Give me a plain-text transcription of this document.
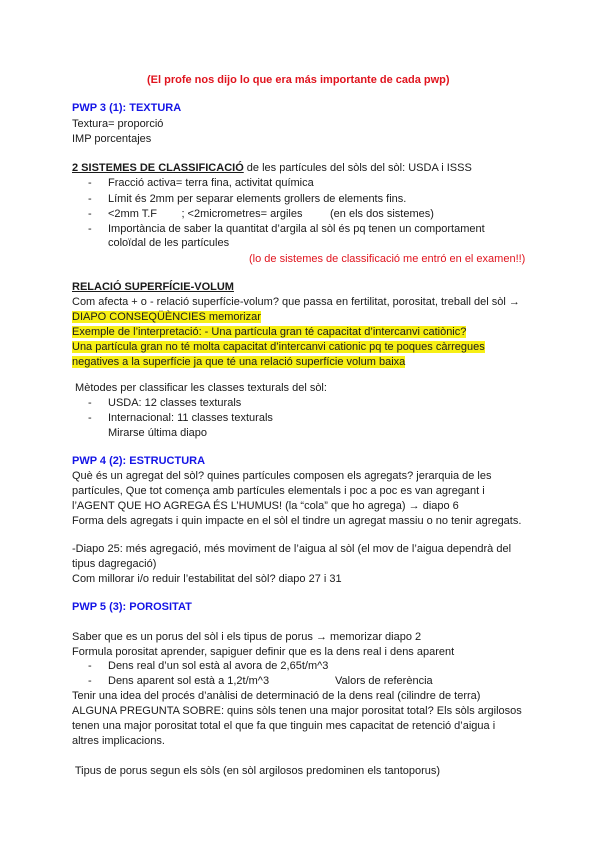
(El profe nos dijo lo que era más importante de cada pwp)
PWP 3 (1): TEXTURA
Textura= proporció
IMP porcentajes
2 SISTEMES DE CLASSIFICACIÓ de les partícules del sòls del sòl: USDA i ISSS
-	Fracció activa= terra fina, activitat química
-	Límit és 2mm per separar elements grollers de elements fins.
-	<2mm T.F        ; <2micrometres= argiles         (en els dos sistemes)
-	Importància de saber la quantitat d’argila al sòl és pq tenen un comportament
coloïdal de les partícules
(lo de sistemes de classificació me entró en el examen!!)
RELACIÓ SUPERFÍCIE-VOLUM
Com afecta + o - relació superfície-volum? que passa en fertilitat, porositat, treball del sòl →
DIAPO CONSEQÜÈNCIES memorizar
Exemple de l’interpretació: - Una partícula gran té capacitat d’intercanvi catiònic?
Una partícula gran no té molta capacitat d’intercanvi cationic pq te poques càrregues
negatives a la superfície ja que té una relació superfície volum baixa
Mètodes per classificar les classes texturals del sòl:
-	USDA: 12 classes texturals
-	Internacional: 11 classes texturals
Mirarse última diapo
PWP 4 (2): ESTRUCTURA
Què és un agregat del sòl? quines partícules composen els agregats? jerarquia de les
partícules, Que tot comença amb partícules elementals i poc a poc es van agregant i
l’AGENT QUE HO AGREGA ÉS L’HUMUS! (la “cola” que ho agrega) → diapo 6
Forma dels agregats i quin impacte en el sòl el tindre un agregat massiu o no tenir agregats.
-Diapo 25: més agregació, més moviment de l’aigua al sòl (el mov de l’aigua dependrà del
tipus dagregació)
Com millorar i/o reduir l’estabilitat del sòl? diapo 27 i 31
PWP 5 (3): POROSITAT
Saber que es un porus del sòl i els tipus de porus → memorizar diapo 2
Formula porositat aprender, sapiguer definir que es la dens real i dens aparent
-	Dens real d’un sol està al avora de 2,65t/m^3
-	Dens aparent sol està a 1,2t/m^3	Valors de referència
Tenir una idea del procés d’anàlisi de determinació de la dens real (cilindre de terra)
ALGUNA PREGUNTA SOBRE: quins sòls tenen una major porositat total? Els sòls argilosos
tenen una major porositat total el que fa que tinguin mes capacitat de retenció d’aigua i
altres implicacions.
Tipus de porus segun els sòls (en sòl argilosos predominen els tantoporus)
